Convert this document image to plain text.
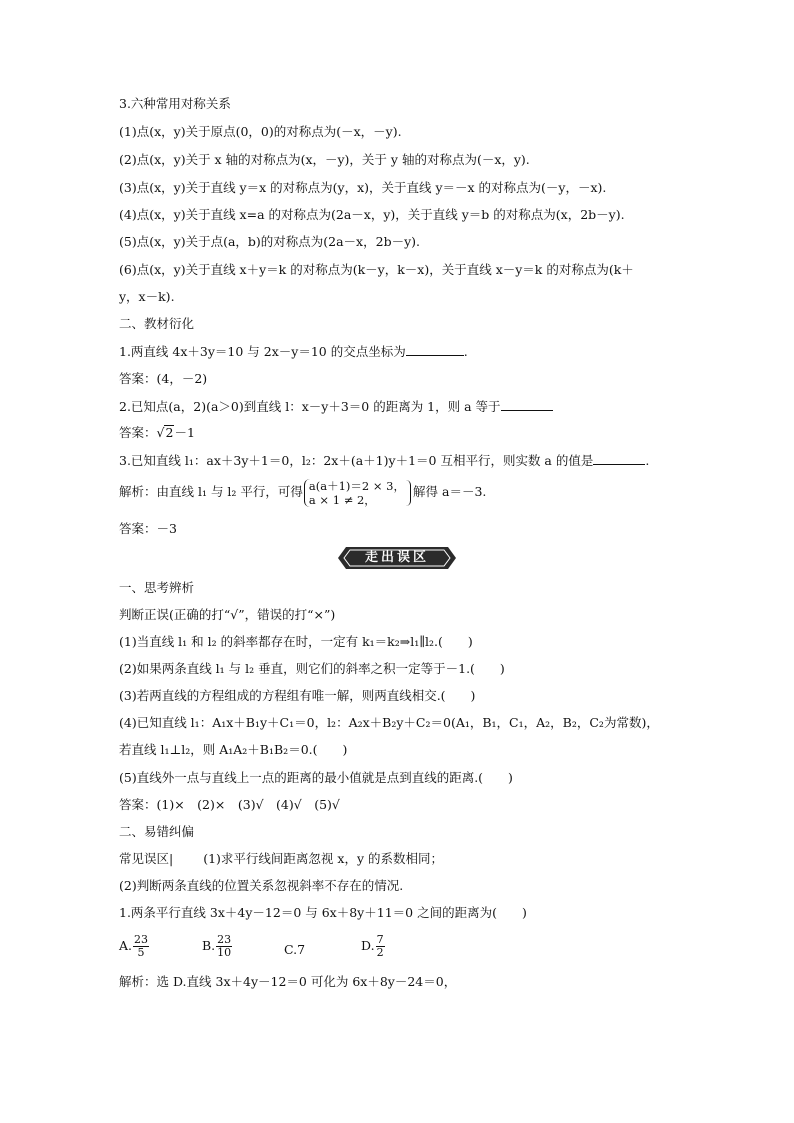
3.六种常用对称关系
(1)点(x，y)关于原点(0，0)的对称点为(－x，－y).
(2)点(x，y)关于 x 轴的对称点为(x，－y)，关于 y 轴的对称点为(－x，y).
(3)点(x，y)关于直线 y＝x 的对称点为(y，x)，关于直线 y＝－x 的对称点为(－y，－x).
(4)点(x，y)关于直线 x=a 的对称点为(2a－x，y)，关于直线 y＝b 的对称点为(x，2b－y).
(5)点(x，y)关于点(a，b)的对称点为(2a－x，2b－y).
(6)点(x，y)关于直线 x＋y＝k 的对称点为(k－y，k－x)，关于直线 x－y＝k 的对称点为(k＋
y，x－k).
二、教材衍化
1.两直线 4x＋3y＝10 与 2x－y＝10 的交点坐标为	.
答案：(4，－2)
2.已知点(a，2)(a＞0)到直线 l：x－y＋3＝0 的距离为 1，则 a 等于
答案：√2－1
3.已知直线 l₁：ax＋3y＋1＝0，l₂：2x＋(a＋1)y＋1＝0 互相平行，则实数 a 的值是	.
解析：由直线 l₁ 与 l₂ 平行，可得 a(a＋1)＝2 × 3，
a × 1 ≠ 2，
解得 a＝－3.
答案：－3
走出误区
一、思考辨析
判断正误(正确的打“√”，错误的打“×”)
(1)当直线 l₁ 和 l₂ 的斜率都存在时，一定有 k₁＝k₂⇒l₁∥l₂.(　　)
(2)如果两条直线 l₁ 与 l₂ 垂直，则它们的斜率之积一定等于－1.(　　)
(3)若两直线的方程组成的方程组有唯一解，则两直线相交.(　　)
(4)已知直线 l₁：A₁x＋B₁y＋C₁＝0，l₂：A₂x＋B₂y＋C₂＝0(A₁，B₁，C₁，A₂，B₂，C₂为常数)，
若直线 l₁⊥l₂，则 A₁A₂＋B₁B₂＝0.(　　)
(5)直线外一点与直线上一点的距离的最小值就是点到直线的距离.(　　)
答案：(1)×　(2)×　(3)√　(4)√　(5)√
二、易错纠偏
常见误区| (1)求平行线间距离忽视 x，y 的系数相同；
(2)判断两条直线的位置关系忽视斜率不存在的情况.
1.两条平行直线 3x＋4y－12＝0 与 6x＋8y＋11＝0 之间的距离为(　　)
A. $\frac{23}{5}$	B. $\frac{23}{10}$	C.7	D. $\frac{7}{2}$
解析：选 D.直线 3x＋4y－12＝0 可化为 6x＋8y－24＝0，
